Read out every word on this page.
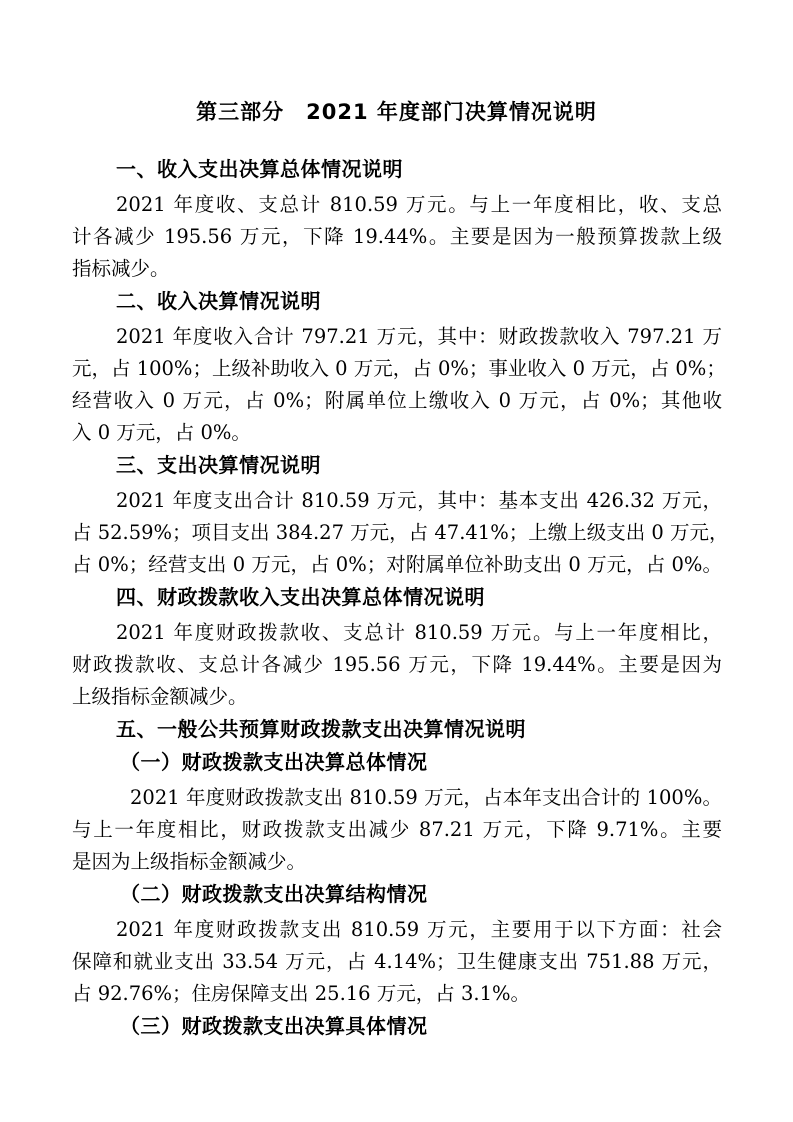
第三部分　2021 年度部门决算情况说明
一、收入支出决算总体情况说明
2021 年度收、支总计 810.59 万元。与上一年度相比，收、支总
计各减少 195.56 万元，下降 19.44%。主要是因为一般预算拨款上级
指标减少。
二、收入决算情况说明
2021 年度收入合计 797.21 万元，其中：财政拨款收入 797.21 万
元，占 100%；上级补助收入 0 万元，占 0%；事业收入 0 万元，占 0%；
经营收入 0 万元，占 0%；附属单位上缴收入 0 万元，占 0%；其他收
入 0 万元，占 0%。
三、支出决算情况说明
2021 年度支出合计 810.59 万元，其中：基本支出 426.32 万元，
占 52.59%；项目支出 384.27 万元，占 47.41%；上缴上级支出 0 万元，
占 0%；经营支出 0 万元，占 0%；对附属单位补助支出 0 万元，占 0%。
四、财政拨款收入支出决算总体情况说明
2021 年度财政拨款收、支总计 810.59 万元。与上一年度相比，
财政拨款收、支总计各减少 195.56 万元，下降 19.44%。主要是因为
上级指标金额减少。
五、一般公共预算财政拨款支出决算情况说明
（一）财政拨款支出决算总体情况
2021 年度财政拨款支出 810.59 万元，占本年支出合计的 100%。
与上一年度相比，财政拨款支出减少 87.21 万元，下降 9.71%。主要
是因为上级指标金额减少。
（二）财政拨款支出决算结构情况
2021 年度财政拨款支出 810.59 万元，主要用于以下方面：社会
保障和就业支出 33.54 万元，占 4.14%；卫生健康支出 751.88 万元，
占 92.76%；住房保障支出 25.16 万元，占 3.1%。
（三）财政拨款支出决算具体情况
